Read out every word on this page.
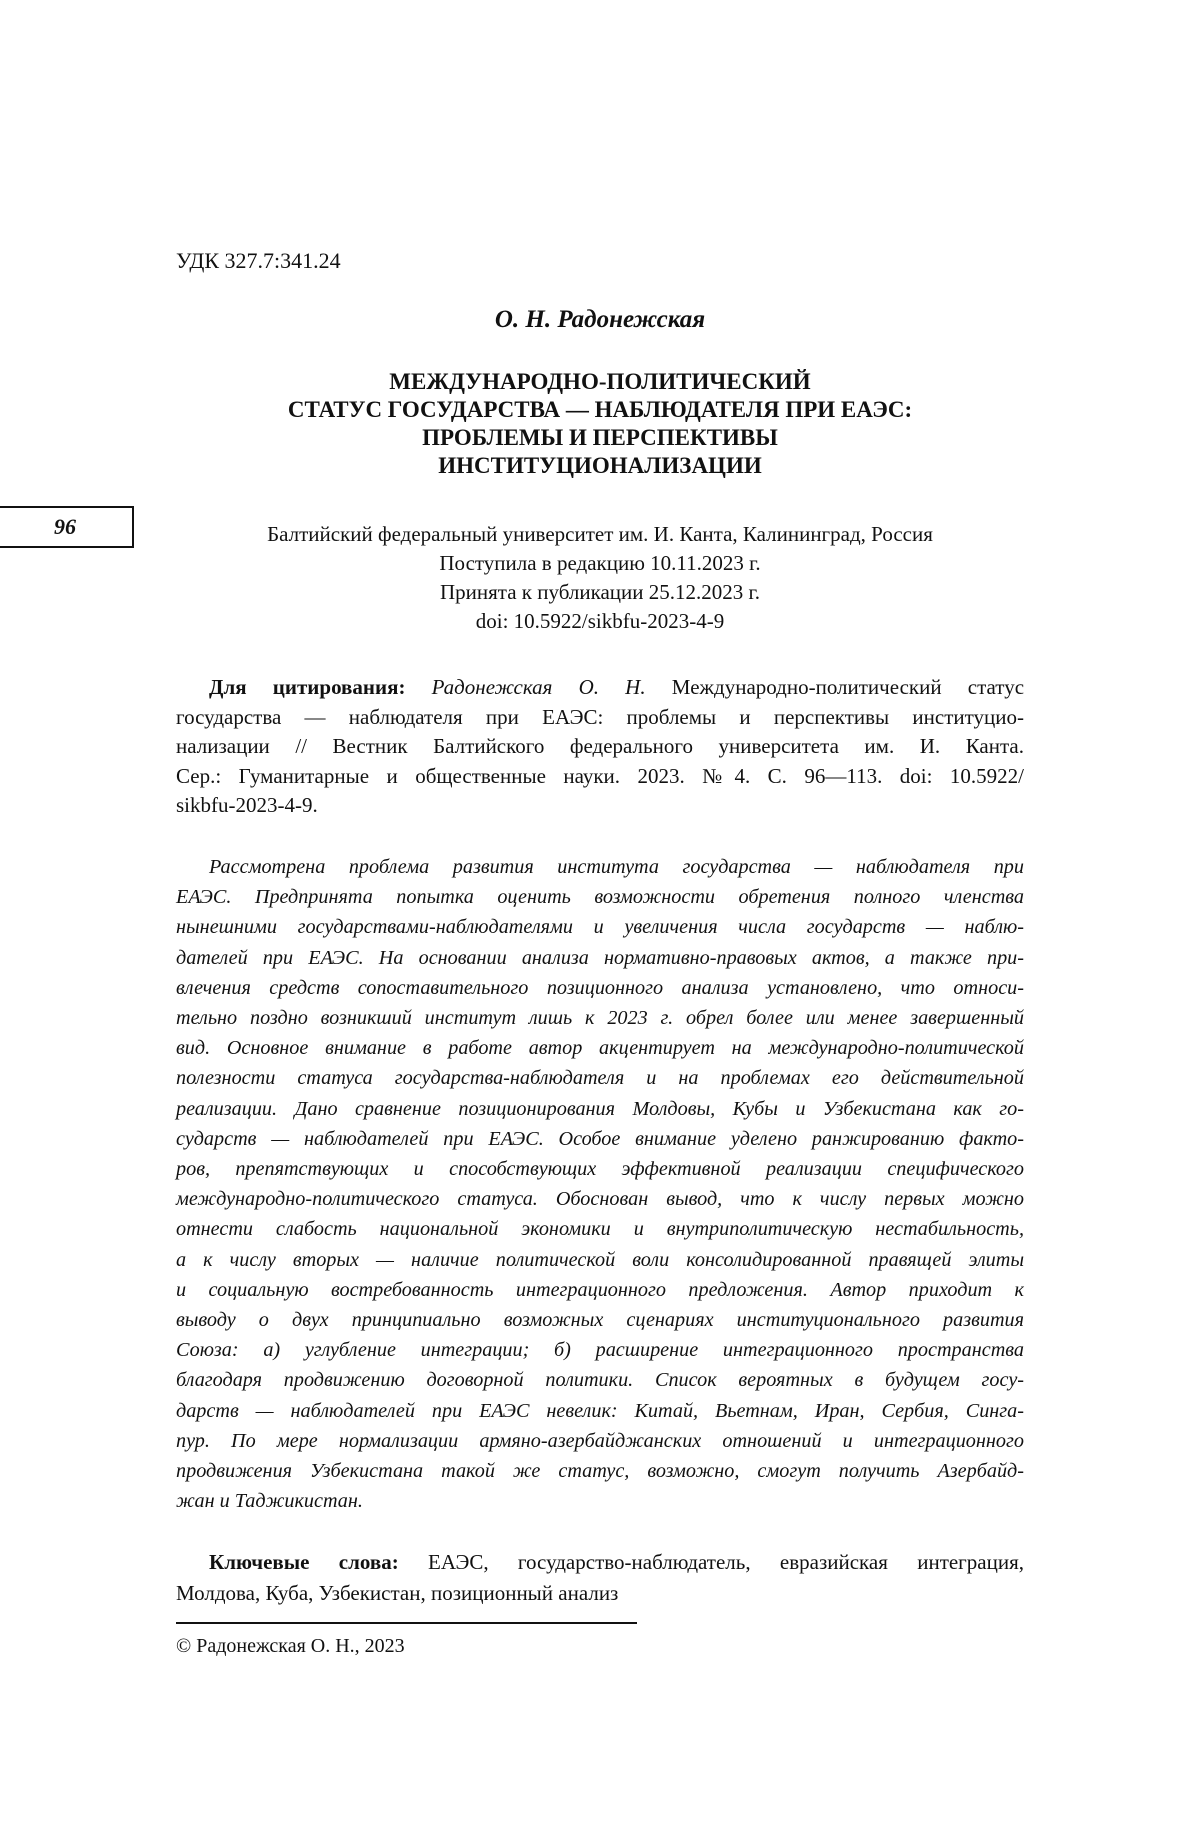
УДК 327.7:341.24
О. Н. Радонежская
МЕЖДУНАРОДНО-ПОЛИТИЧЕСКИЙ
СТАТУС ГОСУДАРСТВА — НАБЛЮДАТЕЛЯ ПРИ ЕАЭС:
ПРОБЛЕМЫ И ПЕРСПЕКТИВЫ
ИНСТИТУЦИОНАЛИЗАЦИИ
96	Балтийский федеральный университет им. И. Канта, Калининград, Россия
Поступила в редакцию 10.11.2023 г.
Принята к публикации 25.12.2023 г.
doi: 10.5922/sikbfu-2023-4-9
Для цитирования: Радонежская О. Н. Международно-политический статус
государства — наблюдателя при ЕАЭС: проблемы и перспективы институцио-
нализации // Вестник Балтийского федерального университета им. И. Канта.
Сер.: Гуманитарные и общественные науки. 2023. №4. С. 96—113. doi: 10.5922/
sikbfu-2023-4-9.
Рассмотрена проблема развития института государства — наблюдателя при
ЕАЭС. Предпринята попытка оценить возможности обретения полного членства
нынешними государствами-наблюдателями и увеличения числа государств — наблю-
дателей при ЕАЭС. На основании анализа нормативно-правовых актов, а также при-
влечения средств сопоставительного позиционного анализа установлено, что относи-
тельно поздно возникший институт лишь к 2023 г. обрел более или менее завершенный
вид. Основное внимание в работе автор акцентирует на международно-политической
полезности статуса государства-наблюдателя и на проблемах его действительной
реализации. Дано сравнение позиционирования Молдовы, Кубы и Узбекистана как го-
сударств — наблюдателей при ЕАЭС. Особое внимание уделено ранжированию факто-
ров, препятствующих и способствующих эффективной реализации специфического
международно-политического статуса. Обоснован вывод, что к числу первых можно
отнести слабость национальной экономики и внутриполитическую нестабильность,
а к числу вторых — наличие политической воли консолидированной правящей элиты
и социальную востребованность интеграционного предложения. Автор приходит к
выводу о двух принципиально возможных сценариях институционального развития
Союза: а) углубление интеграции; б) расширение интеграционного пространства
благодаря продвижению договорной политики. Список вероятных в будущем госу-
дарств — наблюдателей при ЕАЭС невелик: Китай, Вьетнам, Иран, Сербия, Синга-
пур. По мере нормализации армяно-азербайджанских отношений и интеграционного
продвижения Узбекистана такой же статус, возможно, смогут получить Азербайд-
жан и Таджикистан.
Ключевые слова: ЕАЭС, государство-наблюдатель, евразийская интеграция,
Молдова, Куба, Узбекистан, позиционный анализ
© Радонежская О. Н., 2023
